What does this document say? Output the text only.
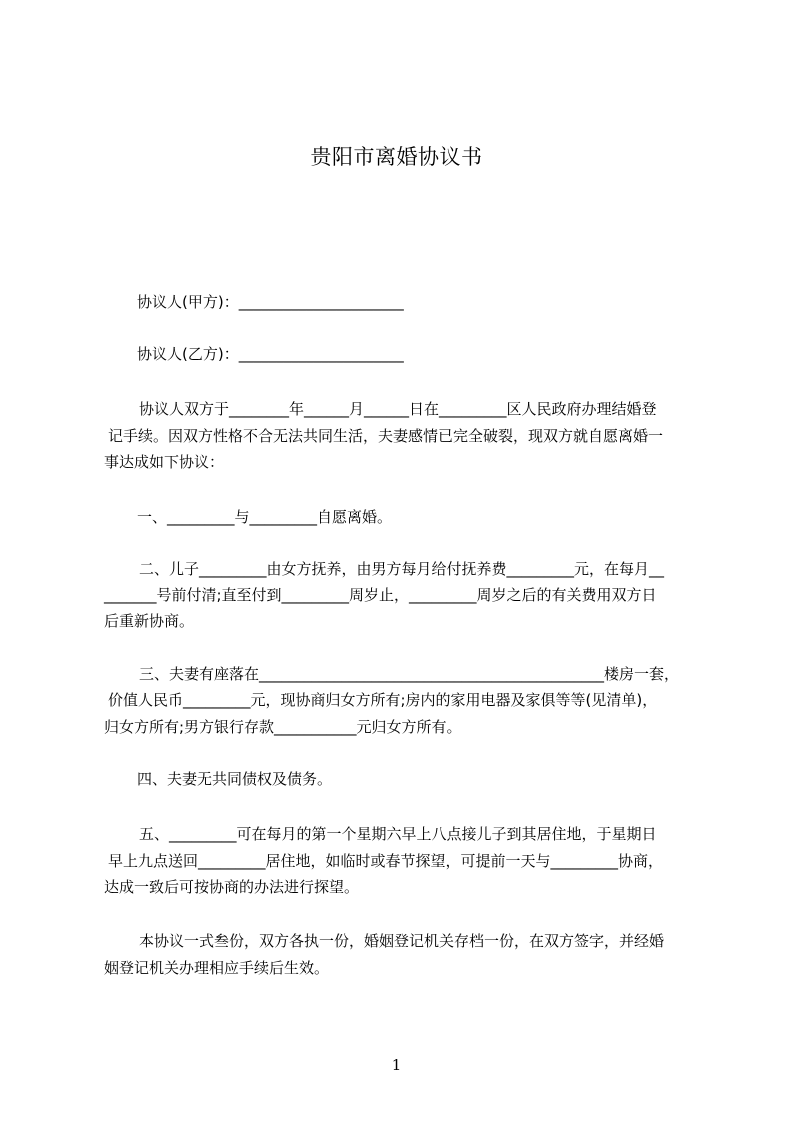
贵阳市离婚协议书
协议人(甲方)：______________________
协议人(乙方)：______________________
协议人双方于________年______月______日在_________区人民政府办理结婚登
记手续。因双方性格不合无法共同生活，夫妻感情已完全破裂，现双方就自愿离婚一
事达成如下协议：
一、_________与_________自愿离婚。
二、儿子_________由女方抚养，由男方每月给付抚养费_________元，在每月__
_______号前付清;直至付到_________周岁止，_________周岁之后的有关费用双方日
后重新协商。
三、夫妻有座落在______________________________________________楼房一套，
价值人民币_________元，现协商归女方所有;房内的家用电器及家俱等等(见清单)，
归女方所有;男方银行存款___________元归女方所有。
四、夫妻无共同债权及债务。
五、_________可在每月的第一个星期六早上八点接儿子到其居住地，于星期日
早上九点送回_________居住地，如临时或春节探望，可提前一天与_________协商，
达成一致后可按协商的办法进行探望。
本协议一式叁份，双方各执一份，婚姻登记机关存档一份，在双方签字，并经婚
姻登记机关办理相应手续后生效。
1
